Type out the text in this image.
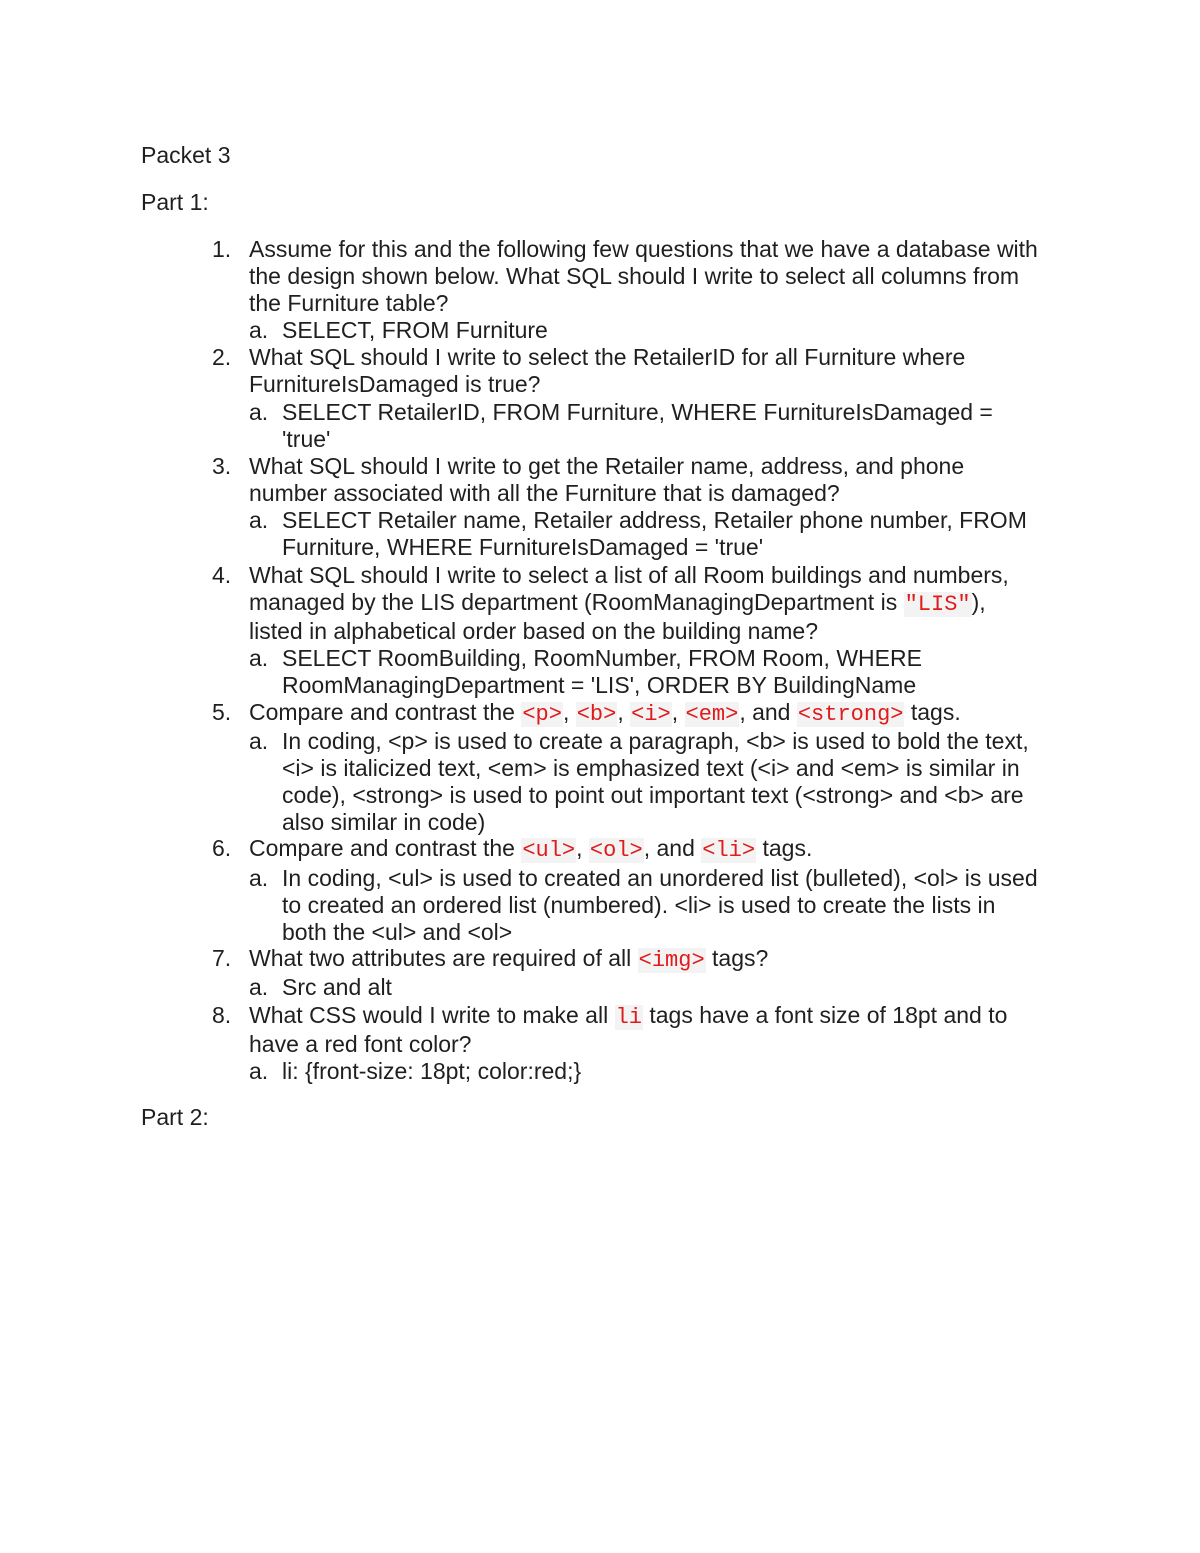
Packet 3
Part 1:
1. Assume for this and the following few questions that we have a database with
the design shown below. What SQL should I write to select all columns from
the Furniture table?
a. SELECT, FROM Furniture
2. What SQL should I write to select the RetailerID for all Furniture where
FurnitureIsDamaged is true?
a. SELECT RetailerID, FROM Furniture, WHERE FurnitureIsDamaged =
'true'
3. What SQL should I write to get the Retailer name, address, and phone
number associated with all the Furniture that is damaged?
a. SELECT Retailer name, Retailer address, Retailer phone number, FROM
Furniture, WHERE FurnitureIsDamaged = 'true'
4. What SQL should I write to select a list of all Room buildings and numbers,
managed by the LIS department (RoomManagingDepartment is "LIS"),
listed in alphabetical order based on the building name?
a. SELECT RoomBuilding, RoomNumber, FROM Room, WHERE
RoomManagingDepartment = 'LIS', ORDER BY BuildingName
5. Compare and contrast the <p>, <b>, <i>, <em>, and <strong> tags.
a. In coding, <p> is used to create a paragraph, <b> is used to bold the text,
<i> is italicized text, <em> is emphasized text (<i> and <em> is similar in
code), <strong> is used to point out important text (<strong> and <b> are
also similar in code)
6. Compare and contrast the <ul>, <ol>, and <li> tags.
a. In coding, <ul> is used to created an unordered list (bulleted), <ol> is used
to created an ordered list (numbered). <li> is used to create the lists in
both the <ul> and <ol>
7. What two attributes are required of all <img> tags?
a. Src and alt
8. What CSS would I write to make all li tags have a font size of 18pt and to
have a red font color?
a. li: {front-size: 18pt; color:red;}
Part 2:
